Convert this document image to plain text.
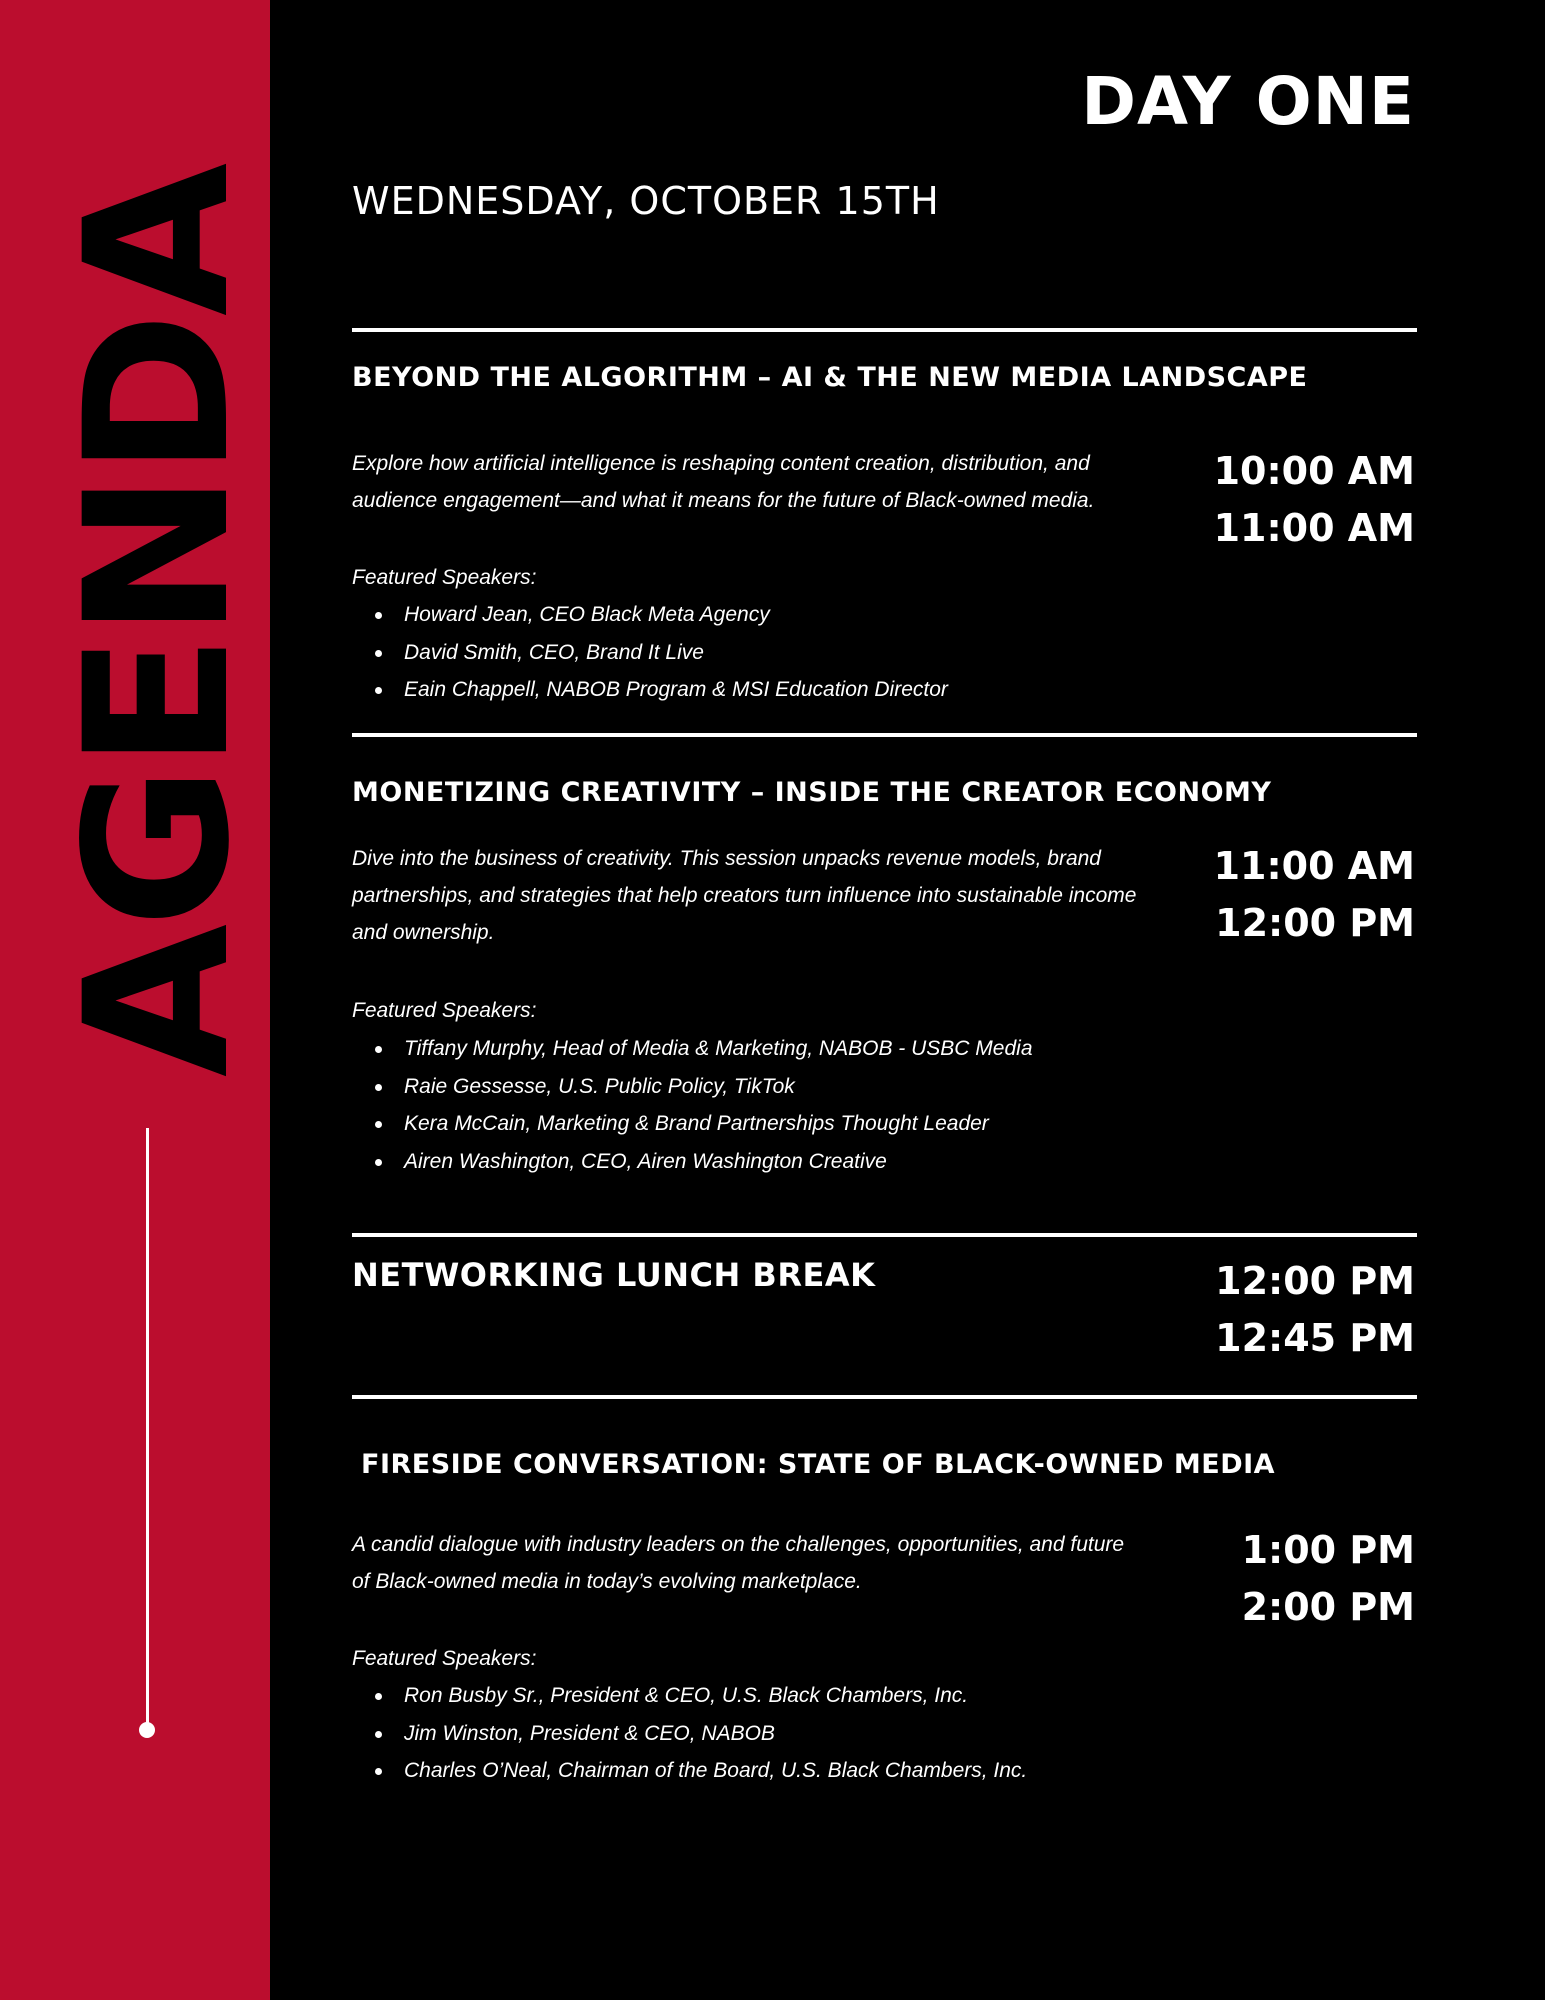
AGENDA
DAY ONE
WEDNESDAY, OCTOBER 15TH
BEYOND THE ALGORITHM – AI & THE NEW MEDIA LANDSCAPE
Explore how artificial intelligence is reshaping content creation, distribution, and audience engagement—and what it means for the future of Black-owned media.
10:00 AM
11:00 AM
Featured Speakers:
Howard Jean, CEO Black Meta Agency
David Smith, CEO, Brand It Live
Eain Chappell, NABOB Program & MSI Education Director
MONETIZING CREATIVITY – INSIDE THE CREATOR ECONOMY
Dive into the business of creativity. This session unpacks revenue models, brand partnerships, and strategies that help creators turn influence into sustainable income and ownership.
11:00 AM
12:00 PM
Featured Speakers:
Tiffany Murphy, Head of Media & Marketing, NABOB - USBC Media
Raie Gessesse, U.S. Public Policy, TikTok
Kera McCain, Marketing & Brand Partnerships Thought Leader
Airen Washington, CEO, Airen Washington Creative
NETWORKING LUNCH BREAK	12:00 PM
12:45 PM
FIRESIDE CONVERSATION: STATE OF BLACK-OWNED MEDIA
A candid dialogue with industry leaders on the challenges, opportunities, and future of Black-owned media in today’s evolving marketplace.
1:00 PM
2:00 PM
Featured Speakers:
Ron Busby Sr., President & CEO, U.S. Black Chambers, Inc.
Jim Winston, President & CEO, NABOB
Charles O’Neal, Chairman of the Board, U.S. Black Chambers, Inc.
